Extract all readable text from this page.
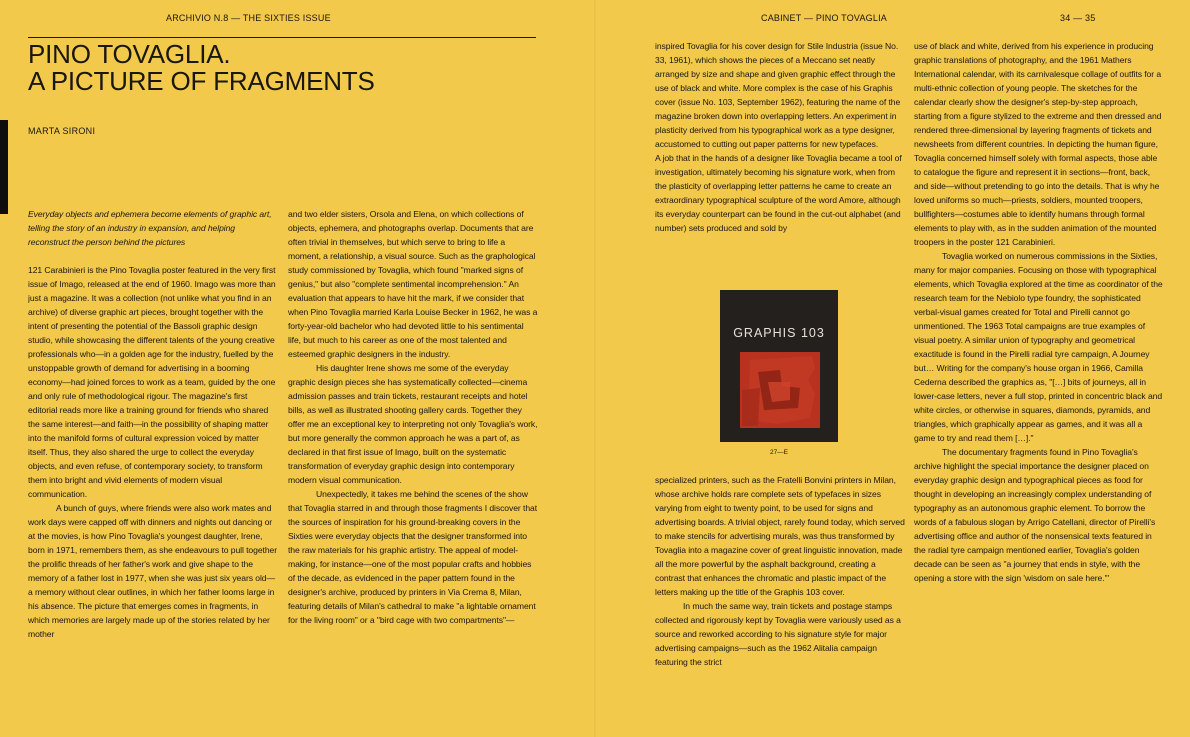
ARCHIVIO N.8 — THE SIXTIES ISSUE	CABINET — PINO TOVAGLIA	34 — 35
PINO TOVAGLIA.
A PICTURE OF FRAGMENTS
MARTA SIRONI

Everyday objects and ephemera become elements of graphic art, telling the story of an industry in expansion, and helping reconstruct the person behind the pictures

121 Carabinieri is the Pino Tovaglia poster featured in the very first issue of Imago, released at the end of 1960. Imago was more than just a magazine. It was a collection (not unlike what you find in an archive) of diverse graphic art pieces, brought together with the intent of presenting the potential of the Bassoli graphic design studio, while showcasing the different talents of the young creative professionals who—in a golden age for the industry, fuelled by the unstoppable growth of demand for advertising in a booming economy—had joined forces to work as a team, guided by the one and only rule of methodological rigour. The magazine's first editorial reads more like a training ground for friends who shared the same interest—and faith—in the possibility of shaping matter into the manifold forms of cultural expression voiced by matter itself. Thus, they also shared the urge to collect the everyday objects, and even refuse, of contemporary society, to transform them into bright and vivid elements of modern visual communication.

A bunch of guys, where friends were also work mates and work days were capped off with dinners and nights out dancing or at the movies, is how Pino Tovaglia's youngest daughter, Irene, born in 1971, remembers them, as she endeavours to pull together the prolific threads of her father's work and give shape to the memory of a father lost in 1977, when she was just six years old—a memory without clear outlines, in which her father looms large in his absence. The picture that emerges comes in fragments, in which memories are largely made up of the stories related by her mother

and two elder sisters, Orsola and Elena, on which collections of objects, ephemera, and photographs overlap. Documents that are often trivial in themselves, but which serve to bring to life a moment, a relationship, a visual source. Such as the graphological study commissioned by Tovaglia, which found "marked signs of genius," but also "complete sentimental incomprehension." An evaluation that appears to have hit the mark, if we consider that when Pino Tovaglia married Karla Louise Becker in 1962, he was a forty-year-old bachelor who had devoted little to his sentimental life, but much to his career as one of the most talented and esteemed graphic designers in the industry.

His daughter Irene shows me some of the everyday graphic design pieces she has systematically collected—cinema admission passes and train tickets, restaurant receipts and hotel bills, as well as illustrated shooting gallery cards. Together they offer me an exceptional key to interpreting not only Tovaglia's work, but more generally the common approach he was a part of, as declared in that first issue of Imago, built on the systematic transformation of everyday graphic design into contemporary modern visual communication.

Unexpectedly, it takes me behind the scenes of the show that Tovaglia starred in and through those fragments I discover that the sources of inspiration for his ground-breaking covers in the Sixties were everyday objects that the designer transformed into the raw materials for his graphic artistry. The appeal of model-making, for instance—one of the most popular crafts and hobbies of the decade, as evidenced in the paper pattern found in the designer's archive, produced by printers in Via Crema 8, Milan, featuring details of Milan's cathedral to make "a lightable ornament for the living room" or a "bird cage with two compartments"—

inspired Tovaglia for his cover design for Stile Industria (issue No. 33, 1961), which shows the pieces of a Meccano set neatly arranged by size and shape and given graphic effect through the use of black and white. More complex is the case of his Graphis cover (issue No. 103, September 1962), featuring the name of the magazine broken down into overlapping letters. An experiment in plasticity derived from his typographical work as a type designer, accustomed to cutting out paper patterns for new typefaces.

A job that in the hands of a designer like Tovaglia became a tool of investigation, ultimately becoming his signature work, when from the plasticity of overlapping letter patterns he came to create an extraordinary typographical sculpture of the word Amore, although its everyday counterpart can be found in the cut-out alphabet (and number) sets produced and sold by

specialized printers, such as the Fratelli Bonvini printers in Milan, whose archive holds rare complete sets of typefaces in sizes varying from eight to twenty point, to be used for signs and advertising boards. A trivial object, rarely found today, which served to make stencils for advertising murals, was thus transformed by Tovaglia into a magazine cover of great linguistic innovation, made all the more powerful by the asphalt background, creating a contrast that enhances the chromatic and plastic impact of the letters making up the title of the Graphis 103 cover.

In much the same way, train tickets and postage stamps collected and rigorously kept by Tovaglia were variously used as a source and reworked according to his signature style for major advertising campaigns—such as the 1962 Alitalia campaign featuring the strict

use of black and white, derived from his experience in producing graphic translations of photography, and the 1961 Mathers International calendar, with its carnivalesque collage of outfits for a multi-ethnic collection of young people. The sketches for the calendar clearly show the designer's step-by-step approach, starting from a figure stylized to the extreme and then dressed and rendered three-dimensional by layering fragments of tickets and newsheets from different countries. In depicting the human figure, Tovaglia concerned himself solely with formal aspects, those able to catalogue the figure and represent it in sections—front, back, and side—without pretending to go into the details. That is why he loved uniforms so much—priests, soldiers, mounted troopers, bullfighters—costumes able to identify humans through formal elements to play with, as in the sudden animation of the mounted troopers in the poster 121 Carabinieri.

Tovaglia worked on numerous commissions in the Sixties, many for major companies. Focusing on those with typographical elements, which Tovaglia explored at the time as coordinator of the research team for the Nebiolo type foundry, the sophisticated verbal-visual games created for Total and Pirelli cannot go unmentioned. The 1963 Total campaigns are true examples of visual poetry. A similar union of typography and geometrical exactitude is found in the Pirelli radial tyre campaign, A Journey but… Writing for the company's house organ in 1966, Camilla Cederna described the graphics as, "[…] bits of journeys, all in lower-case letters, never a full stop, printed in concentric black and white circles, or otherwise in squares, diamonds, pyramids, and triangles, which graphically appear as games, and it was all a game to try and read them […]."

The documentary fragments found in Pino Tovaglia's archive highlight the special importance the designer placed on everyday graphic design and typographical pieces as food for thought in developing an increasingly complex understanding of typography as an autonomous graphic element. To borrow the words of a fabulous slogan by Arrigo Catellani, director of Pirelli's advertising office and author of the nonsensical texts featured in the radial tyre campaign mentioned earlier, Tovaglia's golden decade can be seen as "a journey that ends in style, with the opening a store with the sign 'wisdom on sale here.'"

GRAPHIS 103
27—E
